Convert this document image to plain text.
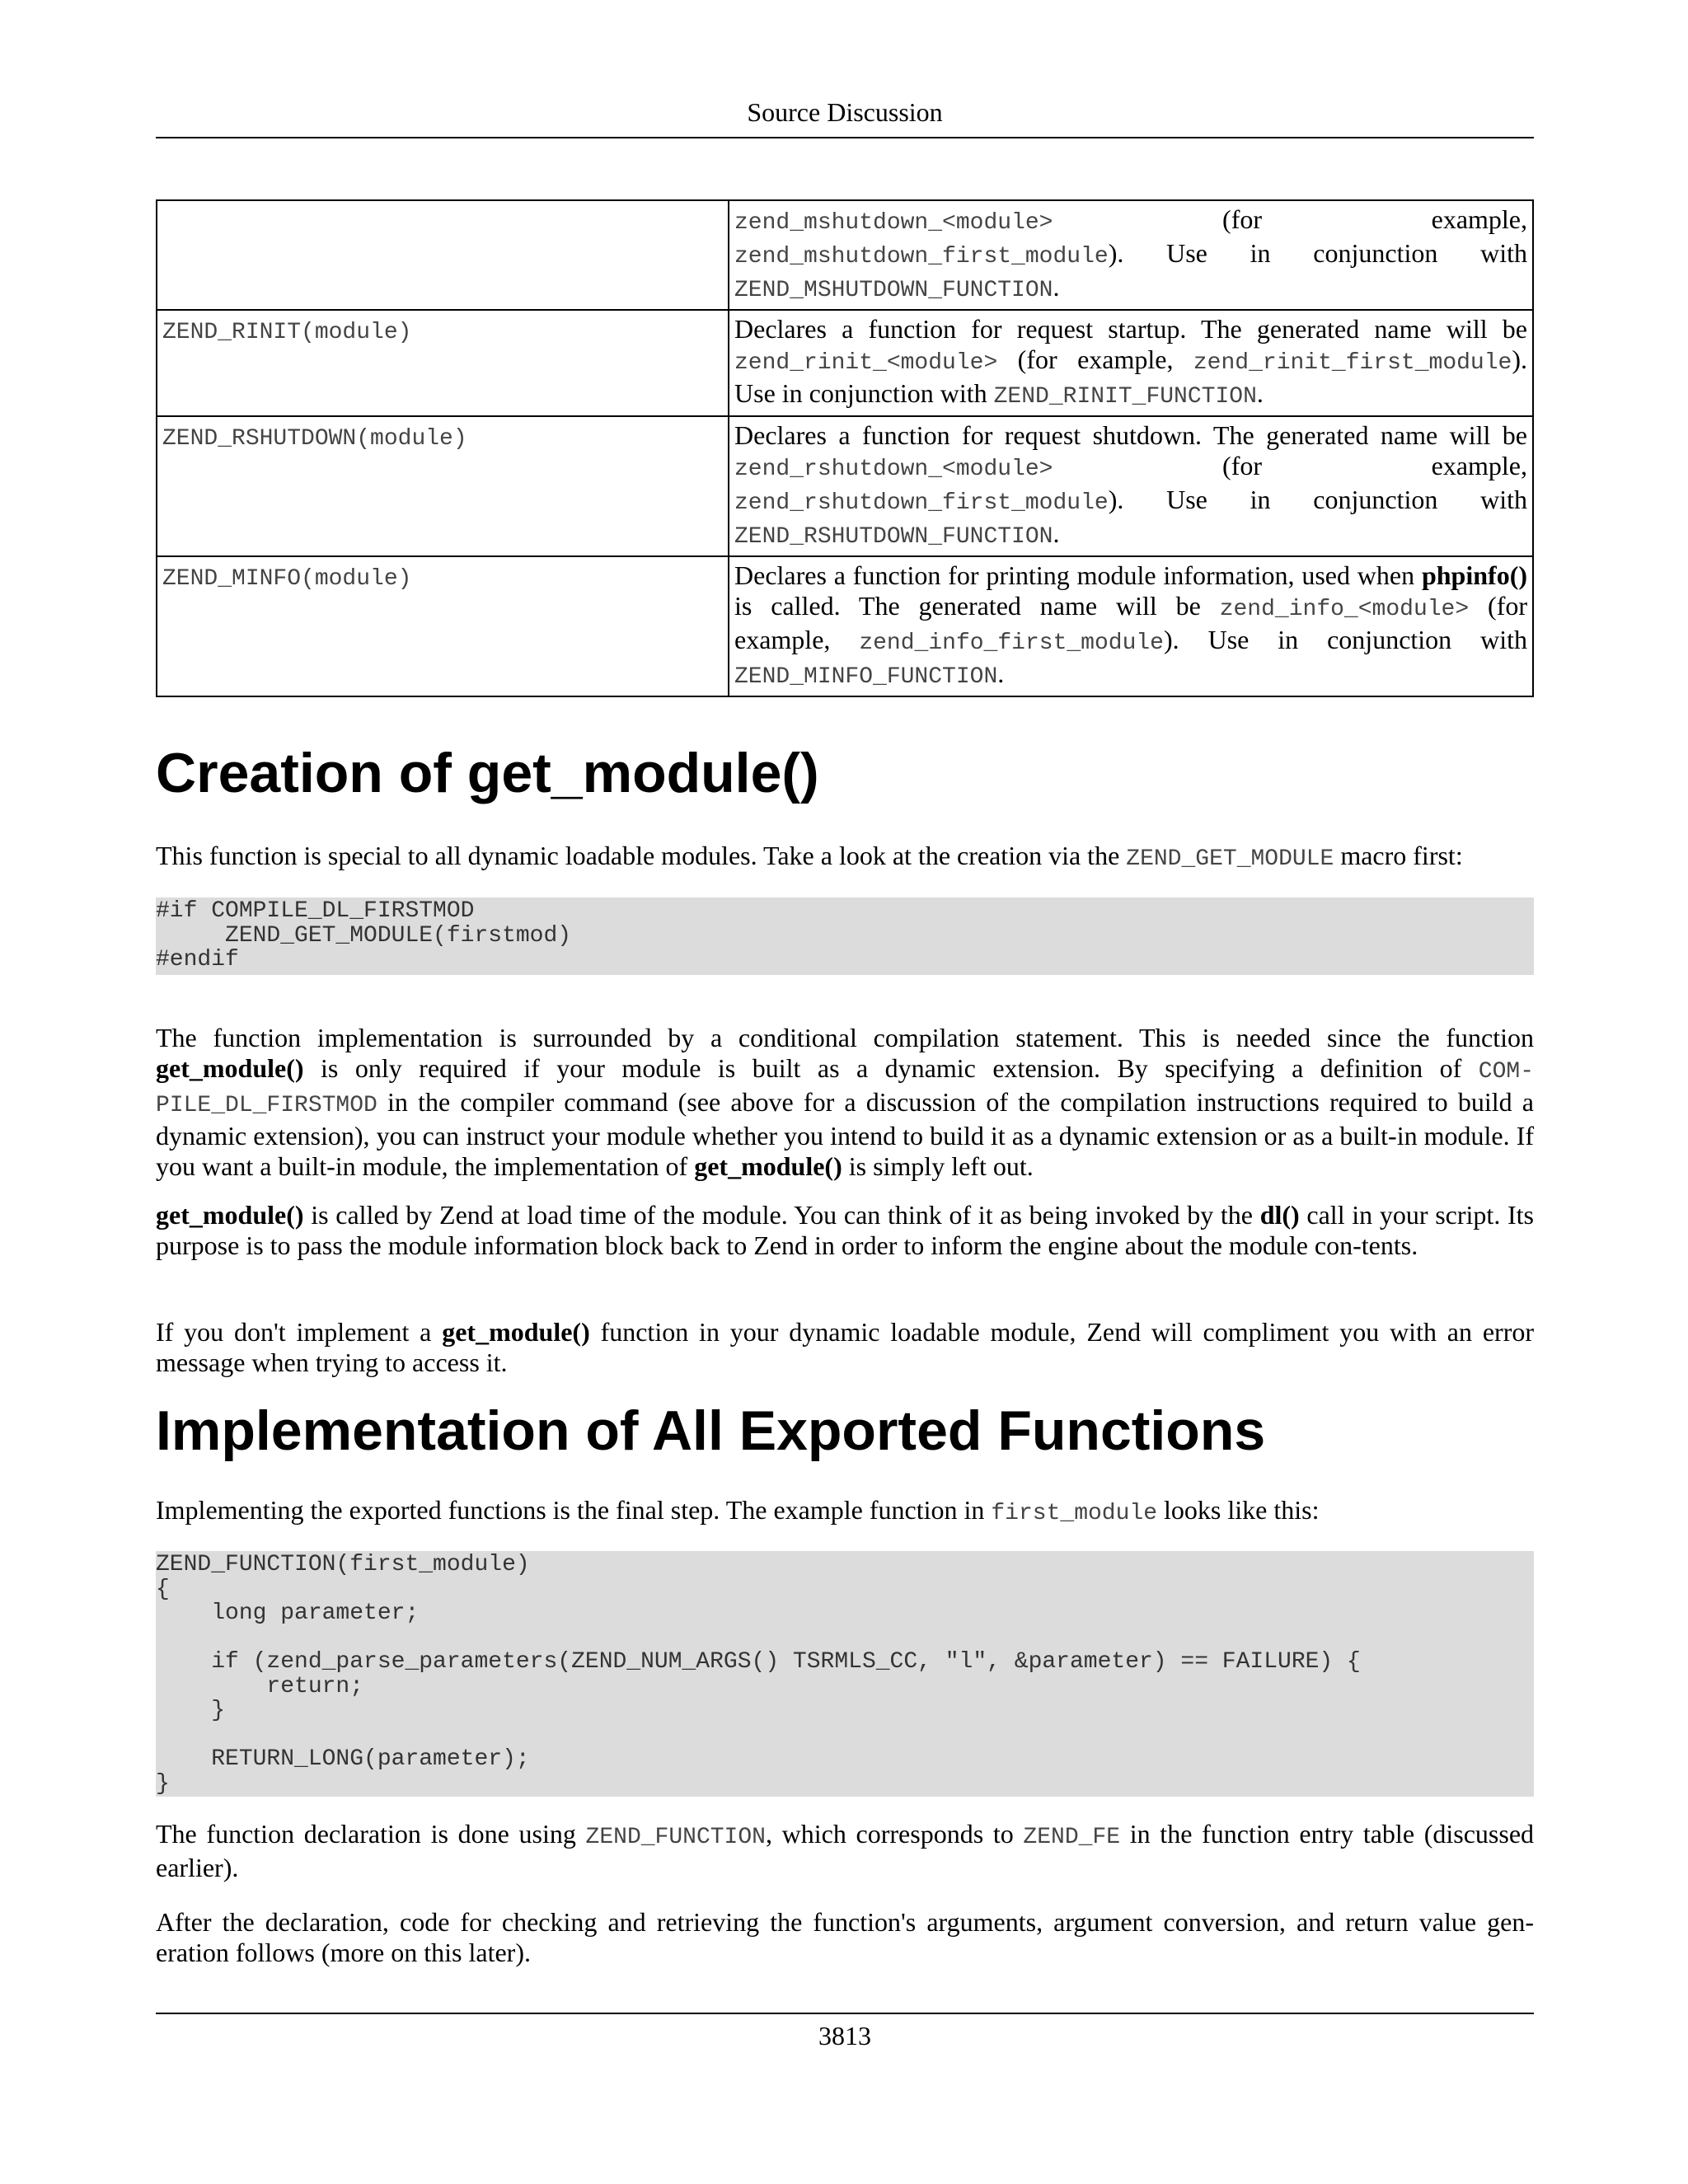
Source Discussion
	zend_mshutdown_<module> (for example, zend_mshutdown_first_module). Use in conjunction with ZEND_MSHUTDOWN_FUNCTION.
ZEND_RINIT(module)	Declares a function for request startup. The generated name will be zend_rinit_<module> (for example, zend_rinit_first_module). Use in conjunction with ZEND_RINIT_FUNCTION.
ZEND_RSHUTDOWN(module)	Declares a function for request shutdown. The generated name will be zend_rshutdown_<module> (for example, zend_rshutdown_first_module). Use in conjunction with ZEND_RSHUTDOWN_FUNCTION.
ZEND_MINFO(module)	Declares a function for printing module information, used when phpinfo() is called. The generated name will be zend_info_<module> (for example, zend_info_first_module). Use in conjunction with ZEND_MINFO_FUNCTION.
Creation of get_module()

This function is special to all dynamic loadable modules. Take a look at the creation via the ZEND_GET_MODULE macro first:

#if COMPILE_DL_FIRSTMOD
ZEND_GET_MODULE(firstmod)
#endif

The function implementation is surrounded by a conditional compilation statement. This is needed since the function get_module() is only required if your module is built as a dynamic extension. By specifying a definition of COM‐PILE_DL_FIRSTMOD in the compiler command (see above for a discussion of the compilation instructions required to build a dynamic extension), you can instruct your module whether you intend to build it as a dynamic extension or as a built-in module. If you want a built-in module, the implementation of get_module() is simply left out.

get_module() is called by Zend at load time of the module. You can think of it as being invoked by the dl() call in your script. Its purpose is to pass the module information block back to Zend in order to inform the engine about the module con‐tents.

If you don't implement a get_module() function in your dynamic loadable module, Zend will compliment you with an error message when trying to access it.

Implementation of All Exported Functions

Implementing the exported functions is the final step. The example function in first_module looks like this:

ZEND_FUNCTION(first_module)
{
long parameter;

if (zend_parse_parameters(ZEND_NUM_ARGS() TSRMLS_CC, "l", &parameter) == FAILURE) {
return;
}

RETURN_LONG(parameter);
}

The function declaration is done using ZEND_FUNCTION, which corresponds to ZEND_FE in the function entry table (discussed earlier).

After the declaration, code for checking and retrieving the function's arguments, argument conversion, and return value gen‐eration follows (more on this later).

3813
